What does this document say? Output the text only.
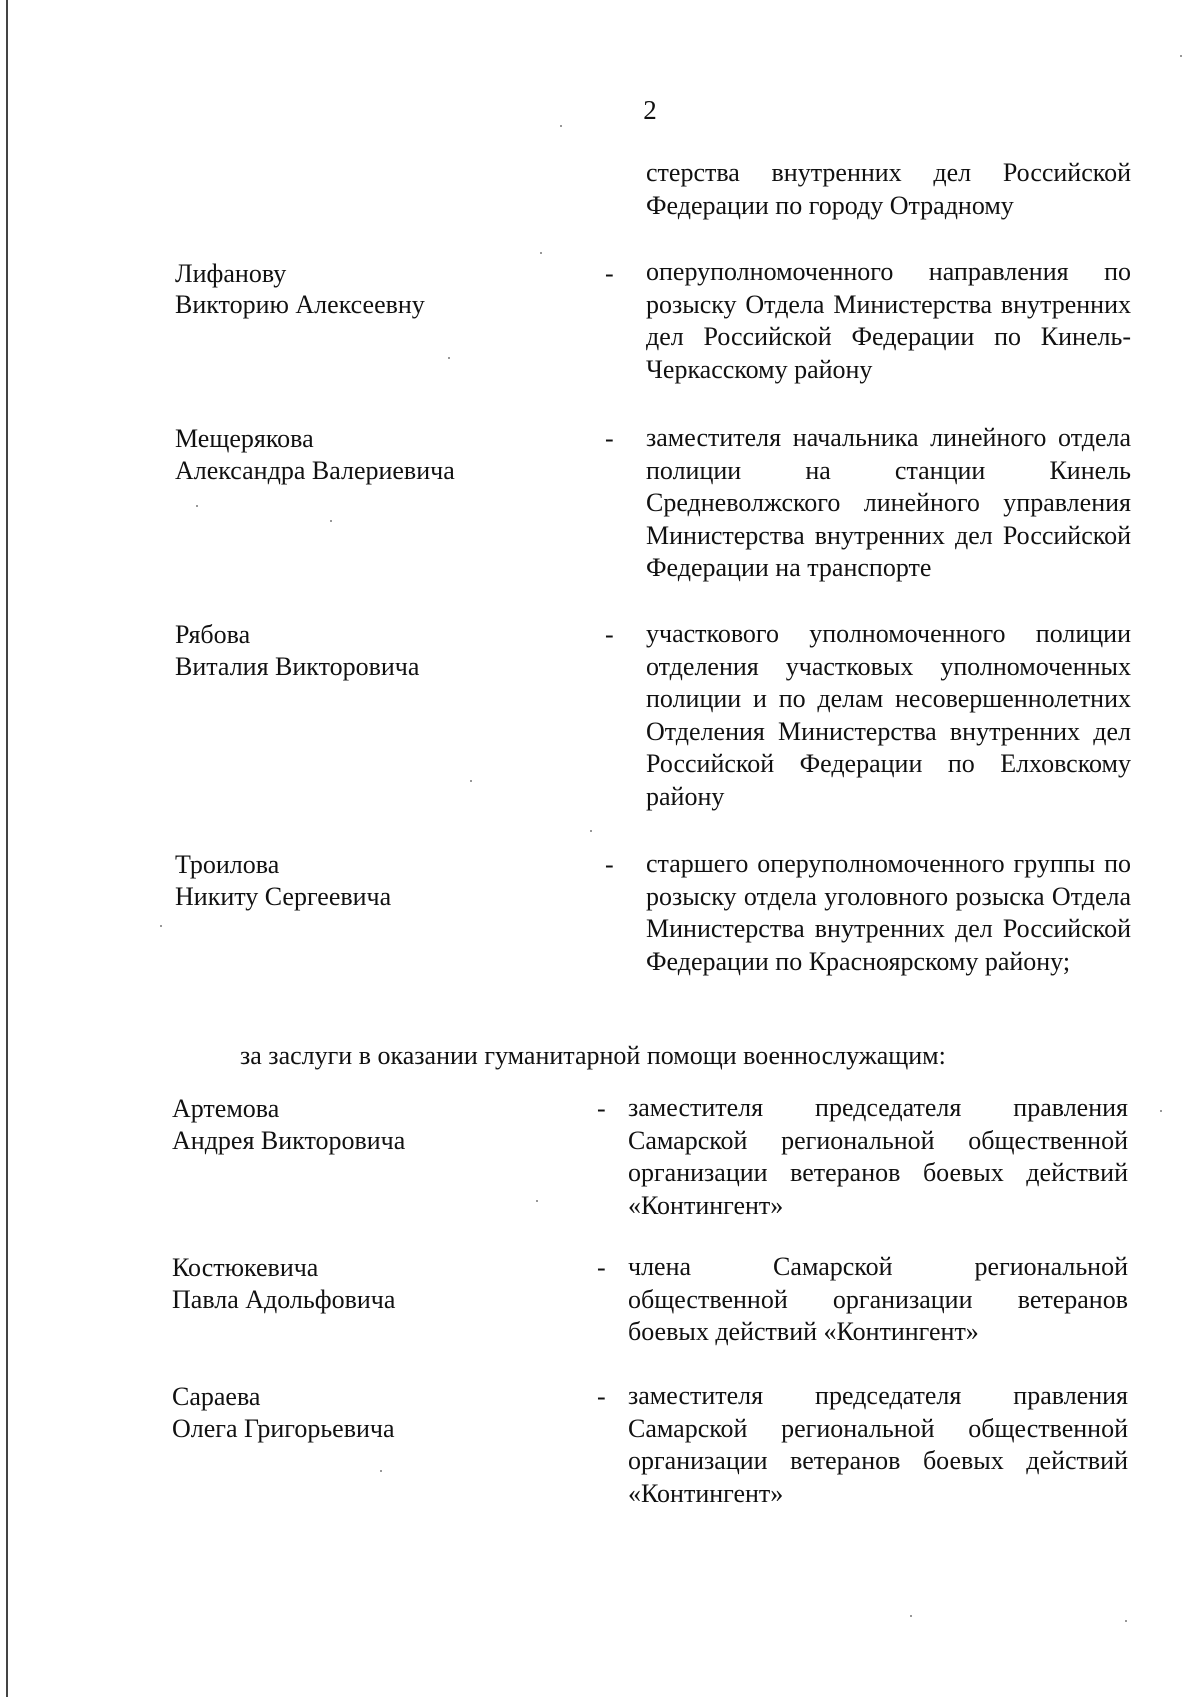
2
стерства внутренних дел Российской Федерации по городу Отрадному
Лифанову
Викторию Алексеевну
- оперуполномоченного направления по розыску Отдела Министерства внутренних дел Российской Федерации по Кинель-Черкасскому району
Мещерякова
Александра Валериевича
- заместителя начальника линейного отдела полиции на станции Кинель Средневолжского линейного управления Министерства внутренних дел Российской Федерации на транспорте
Рябова
Виталия Викторовича
- участкового уполномоченного полиции отделения участковых уполномоченных полиции и по делам несовершеннолетних Отделения Министерства внутренних дел Российской Федерации по Елховскому району
Троилова
Никиту Сергеевича
- старшего оперуполномоченного группы по розыску отдела уголовного розыска Отдела Министерства внутренних дел Российской Федерации по Красноярскому району;
за заслуги в оказании гуманитарной помощи военнослужащим:
Артемова
Андрея Викторовича
- заместителя председателя правления Самарской региональной общественной организации ветеранов боевых действий «Контингент»
Костюкевича
Павла Адольфовича
- члена Самарской региональной общественной организации ветеранов боевых действий «Контингент»
Сараева
Олега Григорьевича
- заместителя председателя правления Самарской региональной общественной организации ветеранов боевых действий «Контингент»
